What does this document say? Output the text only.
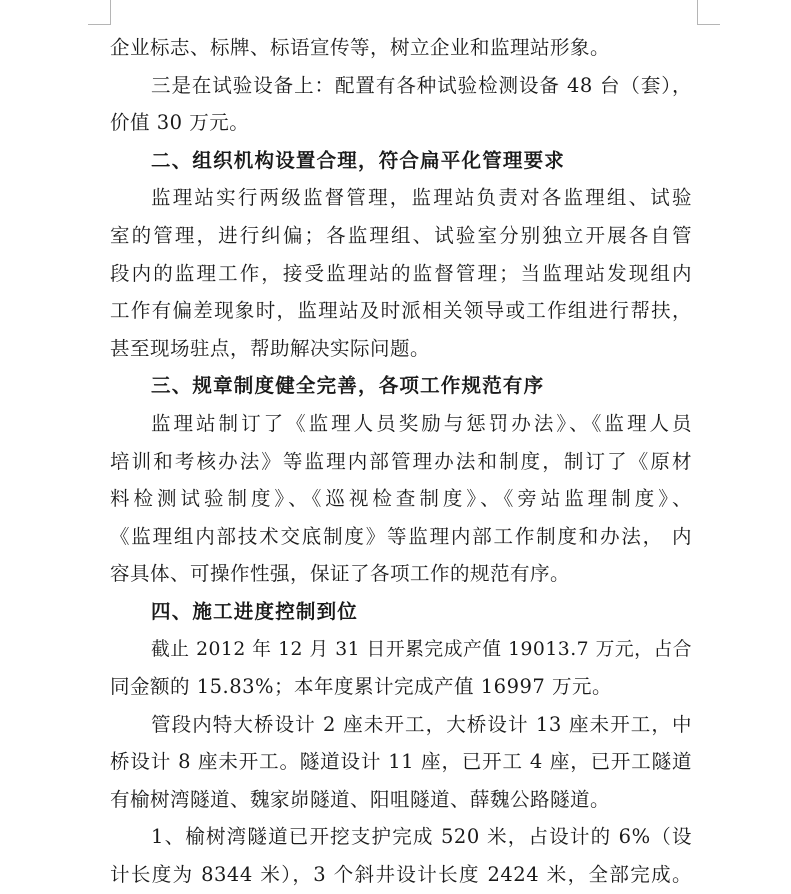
企业标志、标牌、标语宣传等，树立企业和监理站形象。
三是在试验设备上：配置有各种试验检测设备 48 台（套），
价值 30 万元。
二、组织机构设置合理，符合扁平化管理要求
监理站实行两级监督管理，监理站负责对各监理组、试验
室的管理，进行纠偏；各监理组、试验室分别独立开展各自管
段内的监理工作，接受监理站的监督管理；当监理站发现组内
工作有偏差现象时，监理站及时派相关领导或工作组进行帮扶，
甚至现场驻点，帮助解决实际问题。
三、规章制度健全完善，各项工作规范有序
监理站制订了《监理人员奖励与惩罚办法》、《监理人员
培训和考核办法》等监理内部管理办法和制度，制订了《原材
料检测试验制度》、《巡视检查制度》、《旁站监理制度》、
《监理组内部技术交底制度》等监理内部工作制度和办法， 内
容具体、可操作性强，保证了各项工作的规范有序。
四、施工进度控制到位
截止 2012 年 12 月 31 日开累完成产值 19013.7 万元，占合
同金额的 15.83%；本年度累计完成产值 16997 万元。
管段内特大桥设计 2 座未开工，大桥设计 13 座未开工，中
桥设计 8 座未开工。隧道设计 11 座，已开工 4 座，已开工隧道
有榆树湾隧道、魏家峁隧道、阳咀隧道、薛魏公路隧道。
1、榆树湾隧道已开挖支护完成 520 米，占设计的 6%（设
计长度为 8344 米），3 个斜井设计长度 2424 米，全部完成。
